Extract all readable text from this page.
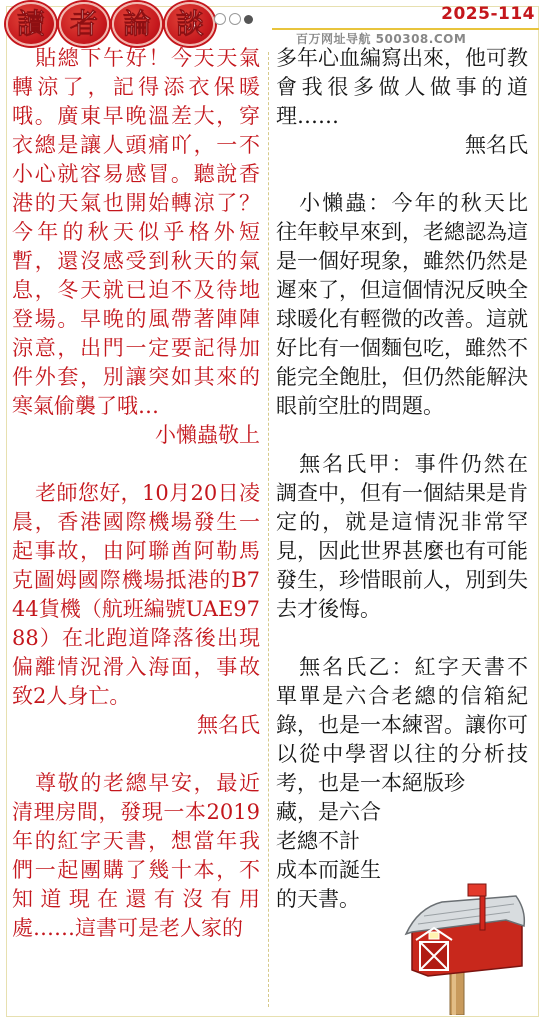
讀 者 論 談	2025-114
百万网址导航 500308.COM
貼總下午好！今天天氣轉涼了，記得添衣保暖哦。廣東早晚溫差大，穿衣總是讓人頭痛吖，一不小心就容易感冒。聽說香港的天氣也開始轉涼了？今年的秋天似乎格外短暫，還沒感受到秋天的氣息，冬天就已迫不及待地登場。早晚的風帶著陣陣涼意，出門一定要記得加件外套，別讓突如其來的寒氣偷襲了哦…

小懶蟲敬上

老師您好，10月20日凌晨，香港國際機場發生一起事故，由阿聯酋阿勒馬克圖姆國際機場抵港的B744貨機（航班編號UAE9788）在北跑道降落後出現偏離情況滑入海面，事故致2人身亡。

無名氏

尊敬的老總早安，最近清理房間，發現一本2019年的紅字天書，想當年我們一起團購了幾十本，不知道現在還有沒有用處……這書可是老人家的
多年心血編寫出來，他可教會我很多做人做事的道理……

無名氏

小懶蟲：今年的秋天比往年較早來到，老總認為這是一個好現象，雖然仍然是遲來了，但這個情況反映全球暖化有輕微的改善。這就好比有一個麵包吃，雖然不能完全飽肚，但仍然能解決眼前空肚的問題。
無名氏甲：事件仍然在調查中，但有一個結果是肯定的，就是這情況非常罕見，因此世界甚麼也有可能發生，珍惜眼前人，別到失去才後悔。
無名氏乙：紅字天書不單單是六合老總的信箱紀錄，也是一本練習。讓你可以從中學習以往的分析技考，也是一本絕版珍
藏，是六合
老總不計
成本而誕生
的天書。
